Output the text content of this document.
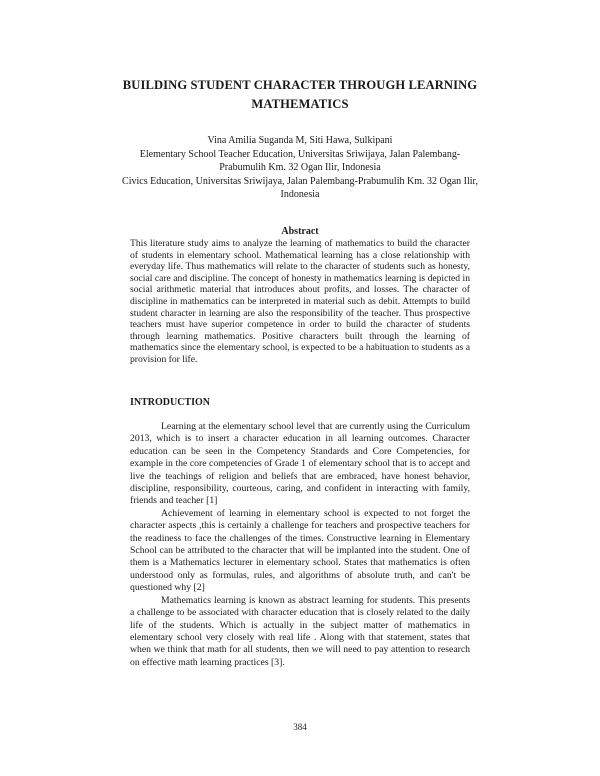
BUILDING STUDENT CHARACTER THROUGH LEARNING
MATHEMATICS
Vina Amilia Suganda M, Siti Hawa, Sulkipani
Elementary School Teacher Education, Universitas Sriwijaya, Jalan Palembang-Prabumulih Km. 32 Ogan Ilir, Indonesia
Civics Education, Universitas Sriwijaya, Jalan Palembang-Prabumulih Km. 32 Ogan Ilir, Indonesia
Abstract
This literature study aims to analyze the learning of mathematics to build the character of students in elementary school. Mathematical learning has a close relationship with everyday life. Thus mathematics will relate to the character of students such as honesty, social care and discipline. The concept of honesty in mathematics learning is depicted in social arithmetic material that introduces about profits, and losses. The character of discipline in mathematics can be interpreted in material such as debit. Attempts to build student character in learning are also the responsibility of the teacher. Thus prospective teachers must have superior competence in order to build the character of students through learning mathematics. Positive characters built through the learning of mathematics since the elementary school, is expected to be a habituation to students as a provision for life.
INTRODUCTION

Learning at the elementary school level that are currently using the Curriculum 2013, which is to insert a character education in all learning outcomes. Character education can be seen in the Competency Standards and Core Competencies, for example in the core competencies of Grade 1 of elementary school that is to accept and live the teachings of religion and beliefs that are embraced, have honest behavior, discipline, responsibility, courteous, caring, and confident in interacting with family, friends and teacher [1]

Achievement of learning in elementary school is expected to not forget the character aspects ,this is certainly a challenge for teachers and prospective teachers for the readiness to face the challenges of the times. Constructive learning in Elementary School can be attributed to the character that will be implanted into the student. One of them is a Mathematics lecturer in elementary school. States that mathematics is often understood only as formulas, rules, and algorithms of absolute truth, and can't be questioned why [2]

Mathematics learning is known as abstract learning for students. This presents a challenge to be associated with character education that is closely related to the daily life of the students. Which is actually in the subject matter of mathematics in elementary school very closely with real life . Along with that statement, states that when we think that math for all students, then we will need to pay attention to research on effective math learning practices [3].

384
